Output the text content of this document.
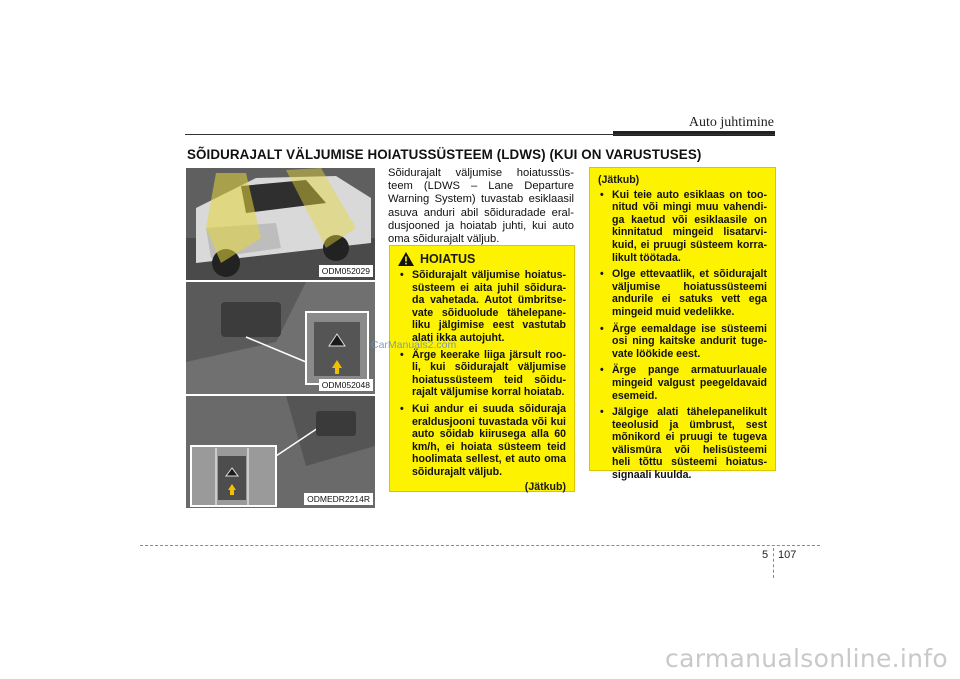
Auto juhtimine
SÕIDURAJALT VÄLJUMISE HOIATUSSÜSTEEM (LDWS) (KUI ON VARUSTUSES)
ODM052029
ODM052048
ODMEDR2214R
Sõidurajalt väljumise hoiatussüs-teem (LDWS – Lane Departure Warning System) tuvastab esiklaasil asuva anduri abil sõiduradade eral-dusjooned ja hoiatab juhti, kui auto oma sõidurajalt väljub.
HOIATUS
• Sõidurajalt väljumise hoiatus-süsteem ei aita juhil sõidura-da vahetada. Autot ümbritse-vate sõiduolude tähelepane-liku jälgimise eest vastutab alati ikka autojuht.
• Ärge keerake liiga järsult roo-li, kui sõidurajalt väljumise hoiatussüsteem teid sõidu-rajalt väljumise korral hoiatab.
• Kui andur ei suuda sõiduraja eraldusjooni tuvastada või kui auto sõidab kiirusega alla 60 km/h, ei hoiata süsteem teid hoolimata sellest, et auto oma sõidurajalt väljub.
(Jätkub)
(Jätkub)
• Kui teie auto esiklaas on too-nitud või mingi muu vahendi-ga kaetud või esiklaasile on kinnitatud mingeid lisatarvi-kuid, ei pruugi süsteem korra-likult töötada.
• Olge ettevaatlik, et sõidurajalt väljumise hoiatussüsteemi andurile ei satuks vett ega mingeid muid vedelikke.
• Ärge eemaldage ise süsteemi osi ning kaitske andurit tuge-vate löökide eest.
• Ärge pange armatuurlauale mingeid valgust peegeldavaid esemeid.
• Jälgige alati tähelepanelikult teeolusid ja ümbrust, sest mõnikord ei pruugi te tugeva välismüra või helisüsteemi heli tõttu süsteemi hoiatus-signaali kuulda.
CarManuals2.com
5 107
carmanualsonline.info
